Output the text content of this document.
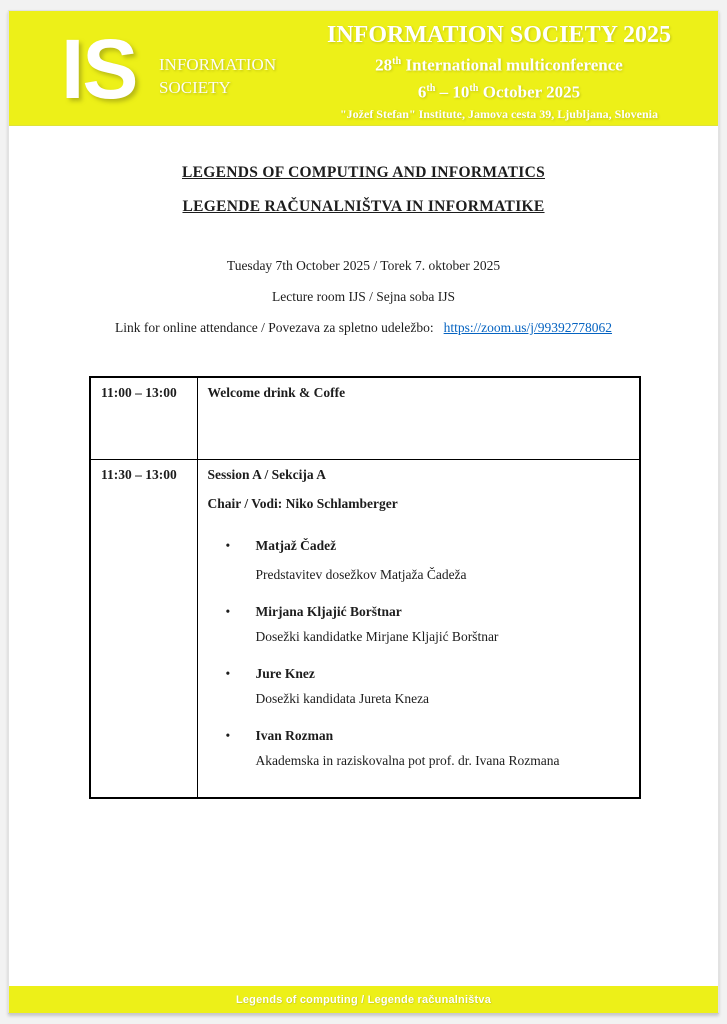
IS INFORMATION
SOCIETY
INFORMATION SOCIETY 2025
28th International multiconference
6th – 10th October 2025
"Jožef Stefan" Institute, Jamova cesta 39, Ljubljana, Slovenia
LEGENDS OF COMPUTING AND INFORMATICS
LEGENDE RAČUNALNIŠTVA IN INFORMATIKE
Tuesday 7th October 2025 / Torek 7. oktober 2025
Lecture room IJS / Sejna soba IJS
Link for online attendance / Povezava za spletno udeležbo: https://zoom.us/j/99392778062
11:00 – 13:00	Welcome drink & Coffe

11:30 – 13:00	Session A / Sekcija A
Chair / Vodi: Niko Schlamberger
•	Matjaž Čadež
Predstavitev dosežkov Matjaža Čadeža
•	Mirjana Kljajić Borštnar
Dosežki kandidatke Mirjane Kljajić Borštnar
•	Jure Knez
Dosežki kandidata Jureta Kneza
•	Ivan Rozman
Akademska in raziskovalna pot prof. dr. Ivana Rozmana
Legends of computing / Legende računalništva
